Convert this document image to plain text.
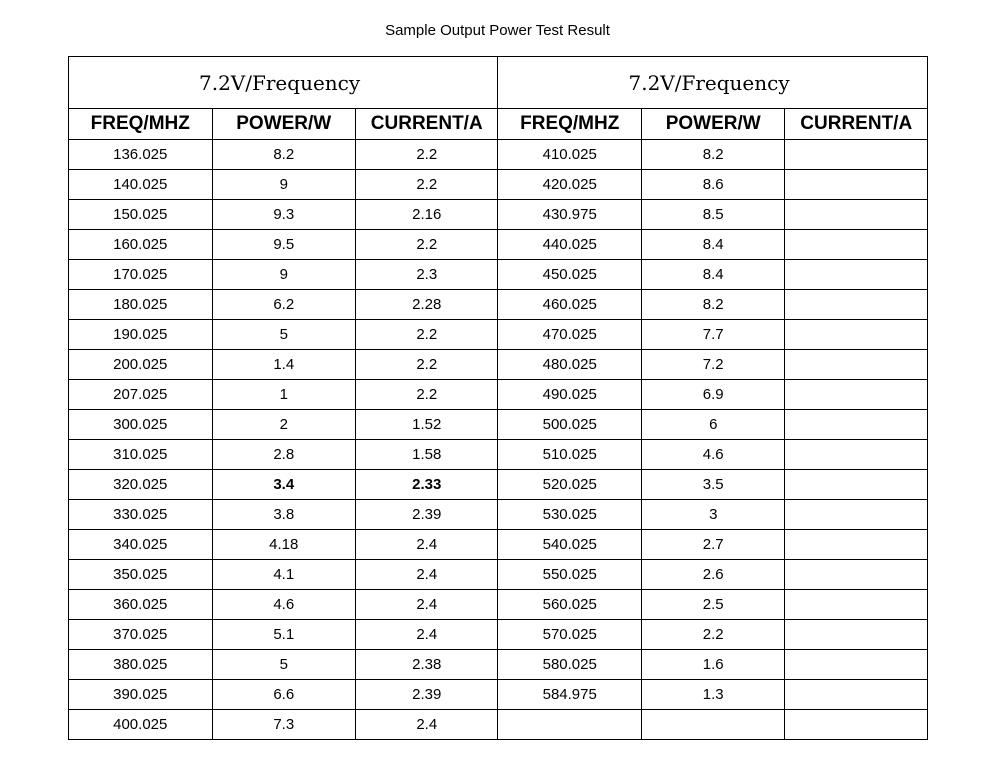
Sample Output Power Test Result
7.2V/Frequency			7.2V/Frequency		
FREQ/MHZ	POWER/W	CURRENT/A	FREQ/MHZ	POWER/W	CURRENT/A
136.025	8.2	2.2	410.025	8.2	
140.025	9	2.2	420.025	8.6	
150.025	9.3	2.16	430.975	8.5	
160.025	9.5	2.2	440.025	8.4	
170.025	9	2.3	450.025	8.4	
180.025	6.2	2.28	460.025	8.2	
190.025	5	2.2	470.025	7.7	
200.025	1.4	2.2	480.025	7.2	
207.025	1	2.2	490.025	6.9	
300.025	2	1.52	500.025	6	
310.025	2.8	1.58	510.025	4.6	
320.025	3.4	2.33	520.025	3.5	
330.025	3.8	2.39	530.025	3	
340.025	4.18	2.4	540.025	2.7	
350.025	4.1	2.4	550.025	2.6	
360.025	4.6	2.4	560.025	2.5	
370.025	5.1	2.4	570.025	2.2	
380.025	5	2.38	580.025	1.6	
390.025	6.6	2.39	584.975	1.3	
400.025	7.3	2.4			
